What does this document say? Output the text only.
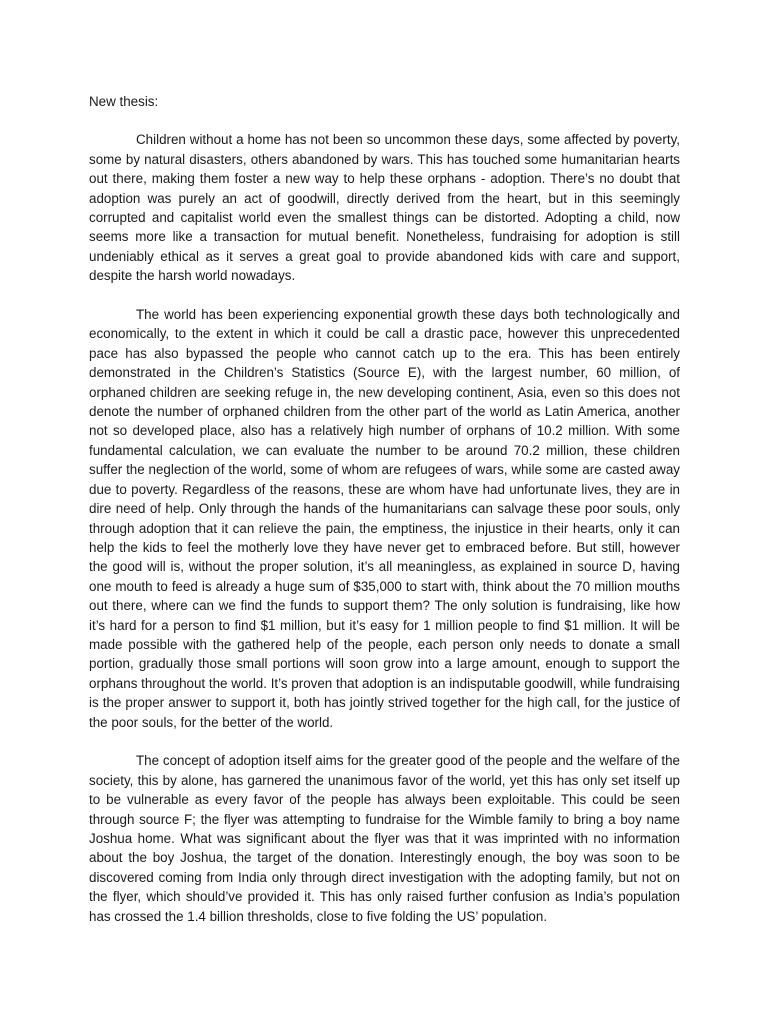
New thesis:

Children without a home has not been so uncommon these days, some affected by poverty, some by natural disasters, others abandoned by wars. This has touched some humanitarian hearts out there, making them foster a new way to help these orphans - adoption. There’s no doubt that adoption was purely an act of goodwill, directly derived from the heart, but in this seemingly corrupted and capitalist world even the smallest things can be distorted. Adopting a child, now seems more like a transaction for mutual benefit. Nonetheless, fundraising for adoption is still undeniably ethical as it serves a great goal to provide abandoned kids with care and support, despite the harsh world nowadays.

The world has been experiencing exponential growth these days both technologically and economically, to the extent in which it could be call a drastic pace, however this unprecedented pace has also bypassed the people who cannot catch up to the era. This has been entirely demonstrated in the Children’s Statistics (Source E), with the largest number, 60 million, of orphaned children are seeking refuge in, the new developing continent, Asia, even so this does not denote the number of orphaned children from the other part of the world as Latin America, another not so developed place, also has a relatively high number of orphans of 10.2 million. With some fundamental calculation, we can evaluate the number to be around 70.2 million, these children suffer the neglection of the world, some of whom are refugees of wars, while some are casted away due to poverty. Regardless of the reasons, these are whom have had unfortunate lives, they are in dire need of help. Only through the hands of the humanitarians can salvage these poor souls, only through adoption that it can relieve the pain, the emptiness, the injustice in their hearts, only it can help the kids to feel the motherly love they have never get to embraced before. But still, however the good will is, without the proper solution, it’s all meaningless, as explained in source D, having one mouth to feed is already a huge sum of $35,000 to start with, think about the 70 million mouths out there, where can we find the funds to support them? The only solution is fundraising, like how it’s hard for a person to find $1 million, but it’s easy for 1 million people to find $1 million. It will be made possible with the gathered help of the people, each person only needs to donate a small portion, gradually those small portions will soon grow into a large amount, enough to support the orphans throughout the world. It’s proven that adoption is an indisputable goodwill, while fundraising is the proper answer to support it, both has jointly strived together for the high call, for the justice of the poor souls, for the better of the world.

The concept of adoption itself aims for the greater good of the people and the welfare of the society, this by alone, has garnered the unanimous favor of the world, yet this has only set itself up to be vulnerable as every favor of the people has always been exploitable. This could be seen through source F; the flyer was attempting to fundraise for the Wimble family to bring a boy name Joshua home. What was significant about the flyer was that it was imprinted with no information about the boy Joshua, the target of the donation. Interestingly enough, the boy was soon to be discovered coming from India only through direct investigation with the adopting family, but not on the flyer, which should’ve provided it. This has only raised further confusion as India’s population has crossed the 1.4 billion thresholds, close to five folding the US’ population.
